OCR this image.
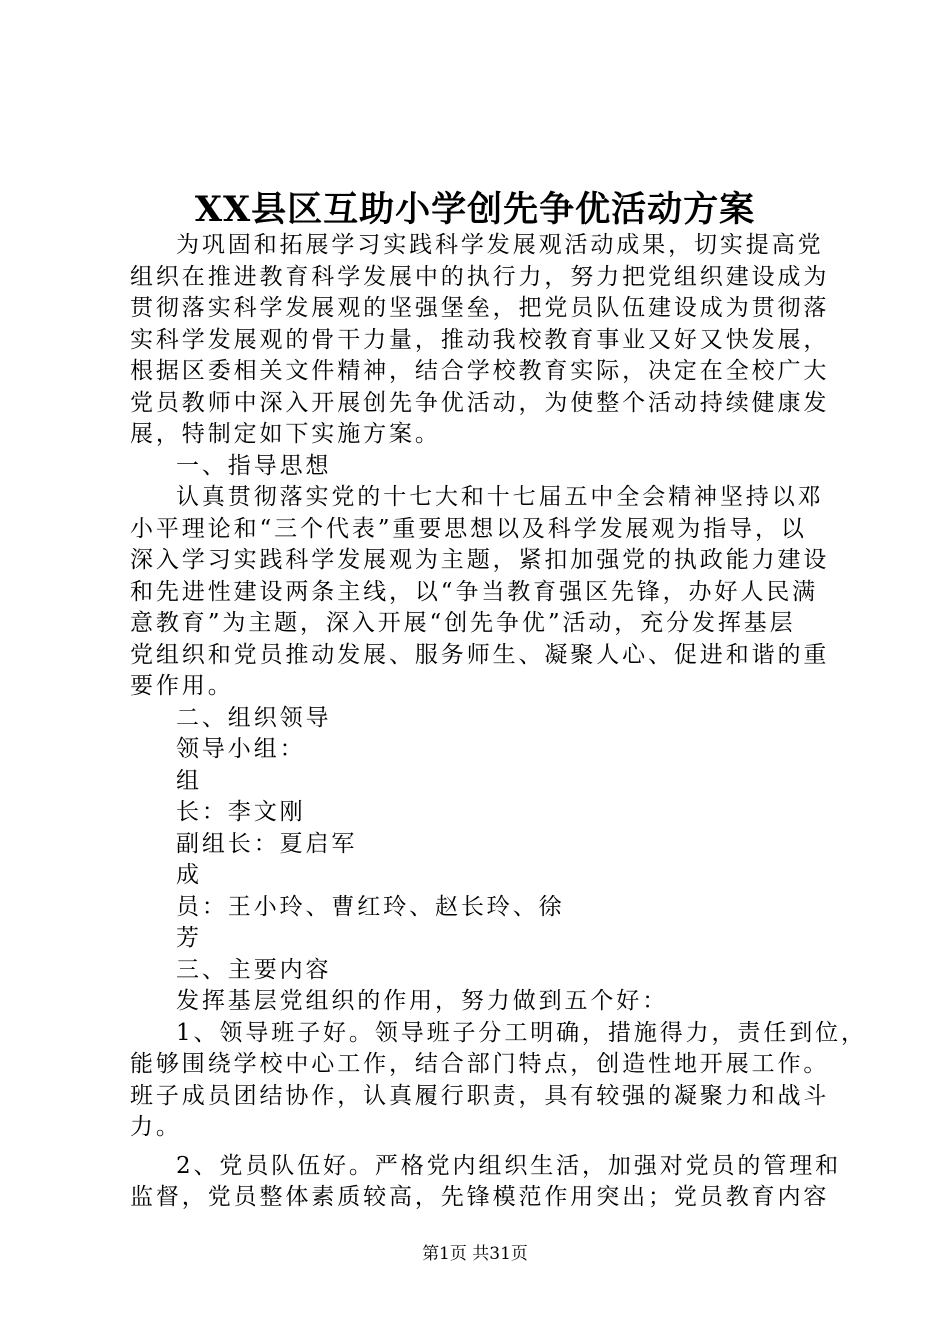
XX县区互助小学创先争优活动方案
为巩固和拓展学习实践科学发展观活动成果，切实提高党
组织在推进教育科学发展中的执行力，努力把党组织建设成为
贯彻落实科学发展观的坚强堡垒，把党员队伍建设成为贯彻落
实科学发展观的骨干力量，推动我校教育事业又好又快发展，
根据区委相关文件精神，结合学校教育实际，决定在全校广大
党员教师中深入开展创先争优活动，为使整个活动持续健康发
展，特制定如下实施方案。
一、指导思想
认真贯彻落实党的十七大和十七届五中全会精神坚持以邓
小平理论和“三个代表”重要思想以及科学发展观为指导，以
深入学习实践科学发展观为主题，紧扣加强党的执政能力建设
和先进性建设两条主线，以“争当教育强区先锋，办好人民满
意教育”为主题，深入开展“创先争优”活动，充分发挥基层
党组织和党员推动发展、服务师生、凝聚人心、促进和谐的重
要作用。
二、组织领导
领导小组：
组
长：李文刚
副组长：夏启军
成
员：王小玲、曹红玲、赵长玲、徐
芳
三、主要内容
发挥基层党组织的作用，努力做到五个好：
1、领导班子好。领导班子分工明确，措施得力，责任到位，
能够围绕学校中心工作，结合部门特点，创造性地开展工作。
班子成员团结协作，认真履行职责，具有较强的凝聚力和战斗
力。
2、党员队伍好。严格党内组织生活，加强对党员的管理和
监督，党员整体素质较高，先锋模范作用突出；党员教育内容
第1页 共31页
